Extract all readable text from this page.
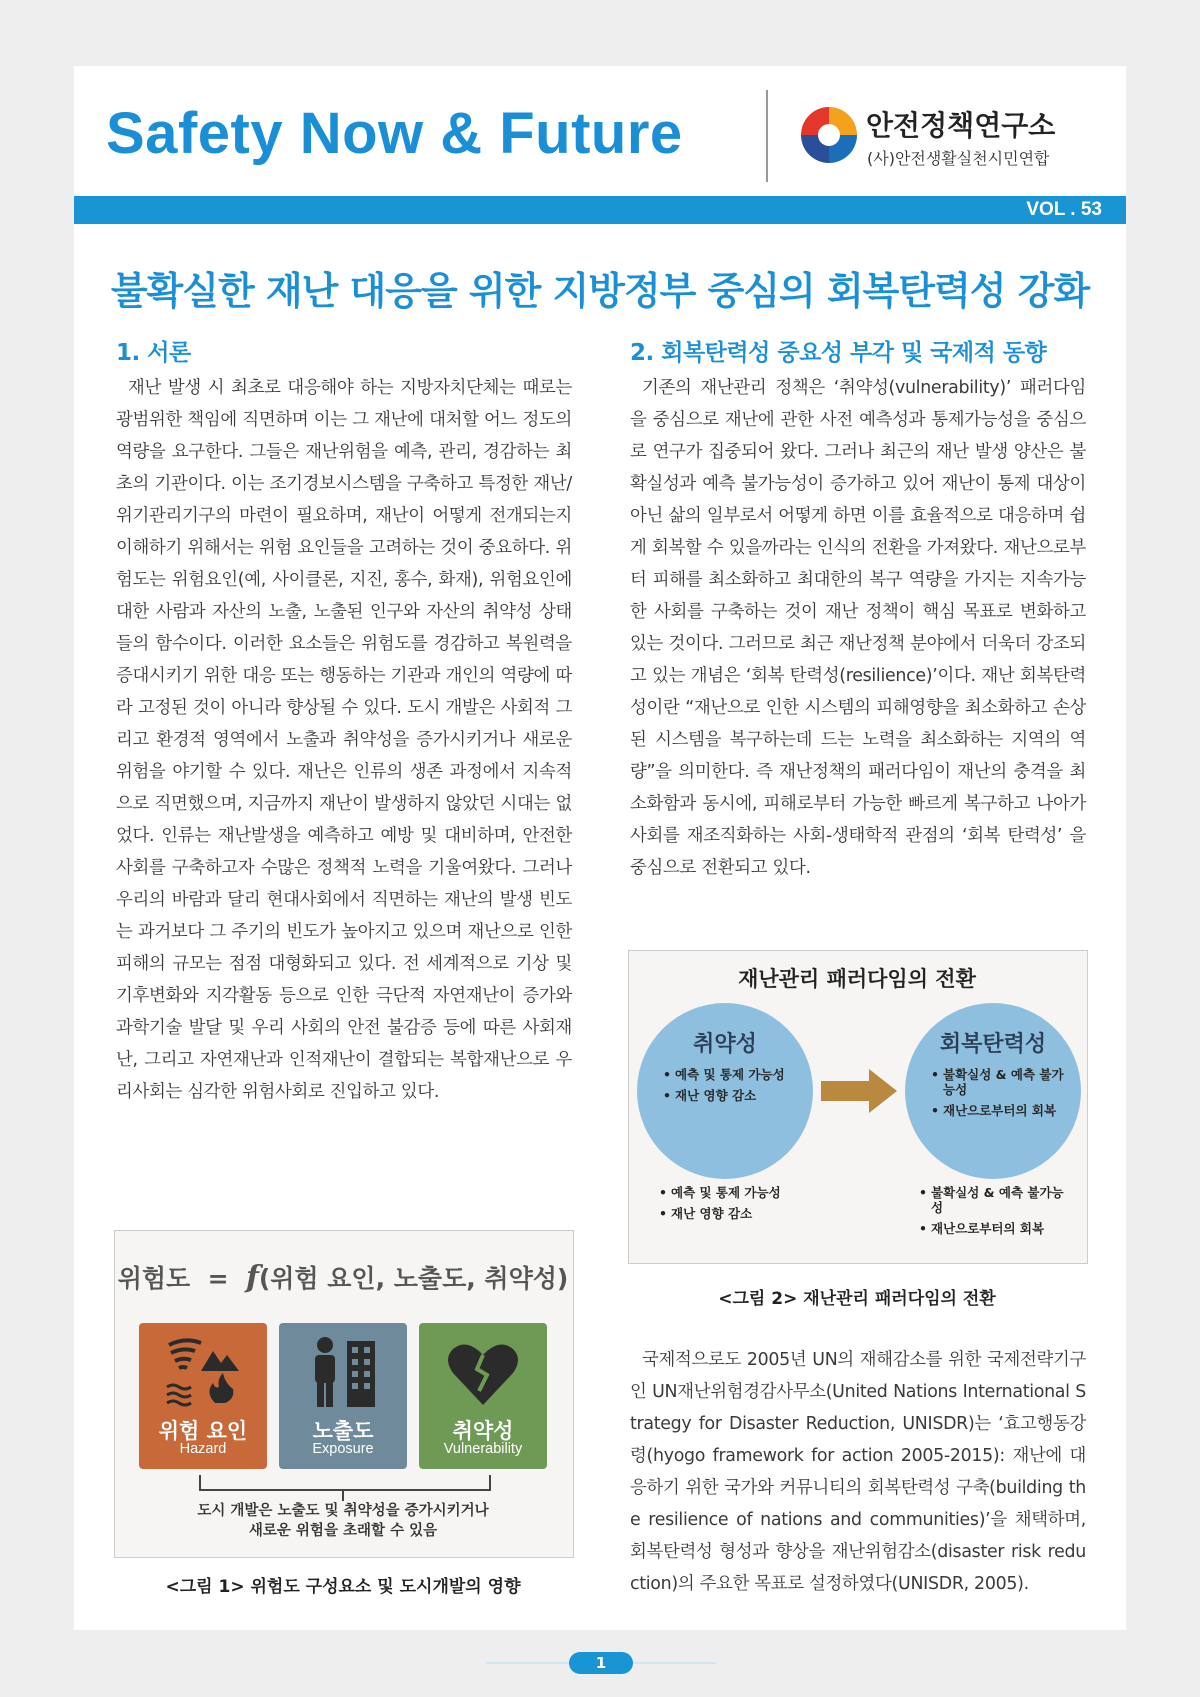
Safety Now & Future	안전정책연구소
(사)안전생활실천시민연합
VOL . 53
불확실한 재난 대응을 위한 지방정부 중심의 회복탄력성 강화
1. 서론

재난 발생 시 최초로 대응해야 하는 지방자치단체는 때로는 광범위한 책임에 직면하며 이는 그 재난에 대처할 어느 정도의 역량을 요구한다. 그들은 재난위험을 예측, 관리, 경감하는 최초의 기관이다. 이는 조기경보시스템을 구축하고 특정한 재난/위기관리기구의 마련이 필요하며, 재난이 어떻게 전개되는지 이해하기 위해서는 위험 요인들을 고려하는 것이 중요하다. 위험도는 위험요인(예, 사이클론, 지진, 홍수, 화재), 위험요인에 대한 사람과 자산의 노출, 노출된 인구와 자산의 취약성 상태들의 함수이다. 이러한 요소들은 위험도를 경감하고 복원력을 증대시키기 위한 대응 또는 행동하는 기관과 개인의 역량에 따라 고정된 것이 아니라 향상될 수 있다. 도시 개발은 사회적 그리고 환경적 영역에서 노출과 취약성을 증가시키거나 새로운 위험을 야기할 수 있다. 재난은 인류의 생존 과정에서 지속적으로 직면했으며, 지금까지 재난이 발생하지 않았던 시대는 없었다. 인류는 재난발생을 예측하고 예방 및 대비하며, 안전한 사회를 구축하고자 수많은 정책적 노력을 기울여왔다. 그러나 우리의 바람과 달리 현대사회에서 직면하는 재난의 발생 빈도는 과거보다 그 주기의 빈도가 높아지고 있으며 재난으로 인한 피해의 규모는 점점 대형화되고 있다. 전 세계적으로 기상 및 기후변화와 지각활동 등으로 인한 극단적 자연재난이 증가와 과학기술 발달 및 우리 사회의 안전 불감증 등에 따른 사회재난, 그리고 자연재난과 인적재난이 결합되는 복합재난으로 우리사회는 심각한 위험사회로 진입하고 있다.

위험도 = f(위험 요인, 노출도, 취약성)
위험 요인
Hazard
노출도
Exposure
취약성
Vulnerability
도시 개발은 노출도 및 취약성을 증가시키거나
새로운 위험을 초래할 수 있음
<그림 1> 위험도 구성요소 및 도시개발의 영향
2. 회복탄력성 중요성 부각 및 국제적 동향

기존의 재난관리 정책은 ‘취약성(vulnerability)’ 패러다임을 중심으로 재난에 관한 사전 예측성과 통제가능성을 중심으로 연구가 집중되어 왔다. 그러나 최근의 재난 발생 양산은 불확실성과 예측 불가능성이 증가하고 있어 재난이 통제 대상이 아닌 삶의 일부로서 어떻게 하면 이를 효율적으로 대응하며 쉽게 회복할 수 있을까라는 인식의 전환을 가져왔다. 재난으로부터 피해를 최소화하고 최대한의 복구 역량을 가지는 지속가능한 사회를 구축하는 것이 재난 정책이 핵심 목표로 변화하고 있는 것이다. 그러므로 최근 재난정책 분야에서 더욱더 강조되고 있는 개념은 ‘회복 탄력성(resilience)’이다. 재난 회복탄력성이란 “재난으로 인한 시스템의 피해영향을 최소화하고 손상된 시스템을 복구하는데 드는 노력을 최소화하는 지역의 역량”을 의미한다. 즉 재난정책의 패러다임이 재난의 충격을 최소화함과 동시에, 피해로부터 가능한 빠르게 복구하고 나아가 사회를 재조직화하는 사회-생태학적 관점의 ‘회복 탄력성’ 을 중심으로 전환되고 있다.

재난관리 패러다임의 전환
취약성
• 예측 및 통제 가능성
• 재난 영향 감소
회복탄력성
• 불확실성 & 예측 불가능성
• 재난으로부터의 회복
• 예측 및 통제 가능성
• 재난 영향 감소
• 불확실성 & 예측 불가능성
• 재난으로부터의 회복
<그림 2> 재난관리 패러다임의 전환

국제적으로도 2005년 UN의 재해감소를 위한 국제전략기구인 UN재난위험경감사무소(United Nations International Strategy for Disaster Reduction, UNISDR)는 ‘효고행동강령(hyogo framework for action 2005-2015): 재난에 대응하기 위한 국가와 커뮤니티의 회복탄력성 구축(building the resilience of nations and communities)’을 채택하며, 회복탄력성 형성과 향상을 재난위험감소(disaster risk reduction)의 주요한 목표로 설정하였다(UNISDR, 2005).

1
